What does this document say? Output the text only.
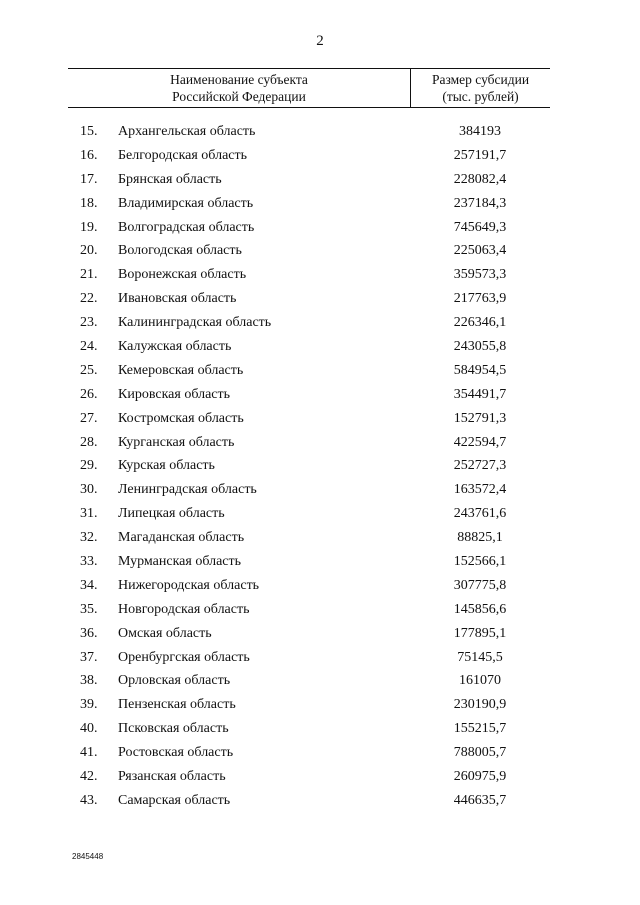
2
Наименование субъекта
Российской Федерации
Размер субсидии
(тыс. рублей)
15.	Архангельская область	384193
16.	Белгородская область	257191,7
17.	Брянская область	228082,4
18.	Владимирская область	237184,3
19.	Волгоградская область	745649,3
20.	Вологодская область	225063,4
21.	Воронежская область	359573,3
22.	Ивановская область	217763,9
23.	Калининградская область	226346,1
24.	Калужская область	243055,8
25.	Кемеровская область	584954,5
26.	Кировская область	354491,7
27.	Костромская область	152791,3
28.	Курганская область	422594,7
29.	Курская область	252727,3
30.	Ленинградская область	163572,4
31.	Липецкая область	243761,6
32.	Магаданская область	88825,1
33.	Мурманская область	152566,1
34.	Нижегородская область	307775,8
35.	Новгородская область	145856,6
36.	Омская область	177895,1
37.	Оренбургская область	75145,5
38.	Орловская область	161070
39.	Пензенская область	230190,9
40.	Псковская область	155215,7
41.	Ростовская область	788005,7
42.	Рязанская область	260975,9
43.	Самарская область	446635,7
2845448
